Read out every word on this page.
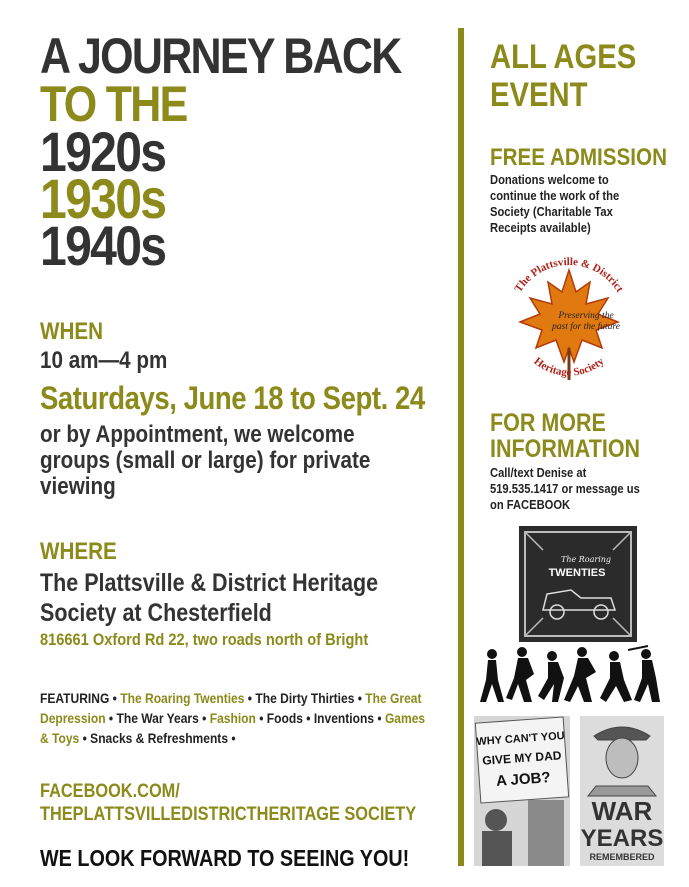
A JOURNEY BACK
TO THE
1920s
1930s
1940s
WHEN
10 am—4 pm
Saturdays, June 18 to Sept. 24
or by Appointment, we welcome
groups (small or large) for private
viewing
WHERE
The Plattsville & District Heritage
Society at Chesterfield
816661 Oxford Rd 22, two roads north of Bright
FEATURING • The Roaring Twenties • The Dirty Thirties • The Great Depression • The War Years • Fashion • Foods • Inventions • Games & Toys • Snacks & Refreshments •
FACEBOOK.COM/
THEPLATTSVILLEDISTRICTHERITAGE SOCIETY
WE LOOK FORWARD TO SEEING YOU!
ALL AGES
EVENT
FREE ADMISSION
Donations welcome to
continue the work of the
Society (Charitable Tax
Receipts available)
The Plattsville & District
Heritage Society
Preserving the
past for the future
FOR MORE
INFORMATION
Call/text Denise at
519.535.1417 or message us
on FACEBOOK
The Roaring
TWENTIES
WHY CAN'T YOU
GIVE MY DAD
A JOB?
WAR
YEARS
REMEMBERED
